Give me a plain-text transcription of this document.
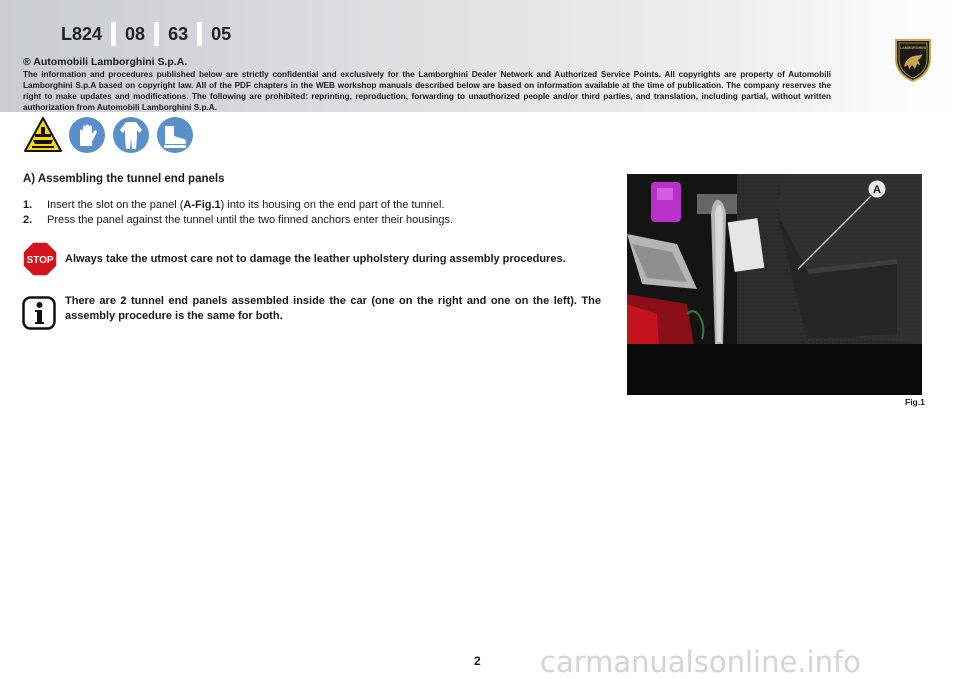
L824	08	63	05
LAMBORGHINI
® Automobili Lamborghini S.p.A.
The information and procedures published below are strictly confidential and exclusively for the Lamborghini Dealer Network and Authorized Service Points. All copyrights are property of Automobili Lamborghini S.p.A based on copyright law. All of the PDF chapters in the WEB workshop manuals described below are based on information available at the time of publication. The company reserves the right to make updates and modifications. The following are prohibited: reprinting, reproduction, forwarding to unauthorized people and/or third parties, and translation, including partial, without written authorization from Automobili Lamborghini S.p.A.
A) Assembling the tunnel end panels
1.	Insert the slot on the panel (A-Fig.1) into its housing on the end part of the tunnel.
2.	Press the panel against the tunnel until the two finned anchors enter their housings.
STOP Always take the utmost care not to damage the leather upholstery during assembly procedures.
There are 2 tunnel end panels assembled inside the car (one on the right and one on the left). The assembly procedure is the same for both.
A
Fig.1
2 carmanualsonline.info
